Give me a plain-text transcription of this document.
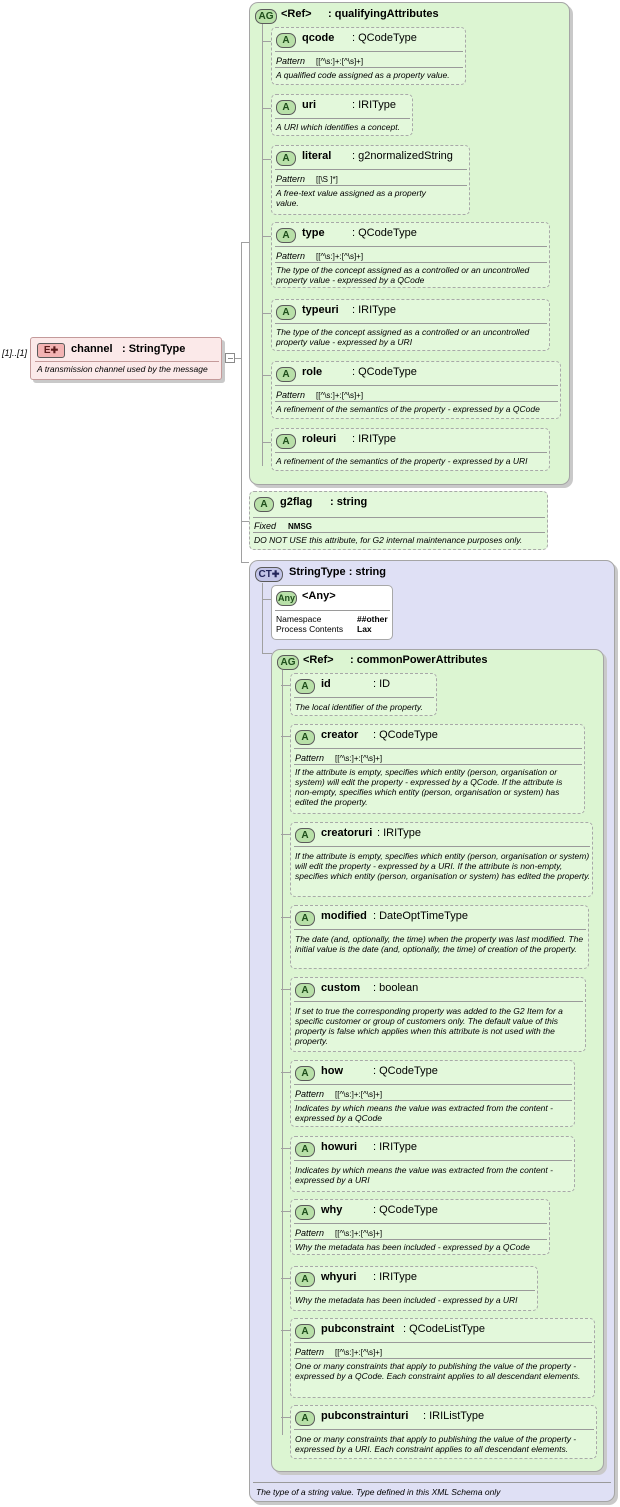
[1]..[1]	E✚	channel : StringType
A transmission channel used by the message
AG <Ref> : qualifyingAttributes
A	qcode : QCodeType
Pattern [[^\s:]+:[^\s]+]
A qualified code assigned as a property value.
A	uri	: IRIType
A URI which identifies a concept.
A	literal : g2normalizedString
Pattern [[\S ]*]
A free-text value assigned as a property value.
A	type : QCodeType
Pattern [[^\s:]+:[^\s]+]
The type of the concept assigned as a controlled or an uncontrolled property value - expressed by a QCode
A	typeuri : IRIType
The type of the concept assigned as a controlled or an uncontrolled property value - expressed by a URI
A	role	: QCodeType
Pattern [[^\s:]+:[^\s]+]
A refinement of the semantics of the property - expressed by a QCode
A	roleuri : IRIType
A refinement of the semantics of the property - expressed by a URI
A	g2flag : string
Fixed NMSG
DO NOT USE this attribute, for G2 internal maintenance purposes only.
CT✚ StringType : string
The type of a string value. Type defined in this XML Schema only
Any <Any>
Namespace	##other
Process Contents Lax
AG <Ref> : commonPowerAttributes
A	id	: ID
The local identifier of the property.
A	creator : QCodeType
Pattern [[^\s:]+:[^\s]+]
If the attribute is empty, specifies which entity (person, organisation or system) will edit the property - expressed by a QCode. If the attribute is non-empty, specifies which entity (person, organisation or system) has edited the property.
A	creatoruri : IRIType
If the attribute is empty, specifies which entity (person, organisation or system) will edit the property - expressed by a URI. If the attribute is non-empty, specifies which entity (person, organisation or system) has edited the property.
A	modified : DateOptTimeType
The date (and, optionally, the time) when the property was last modified. The initial value is the date (and, optionally, the time) of creation of the property.
A	custom : boolean
If set to true the corresponding property was added to the G2 Item for a specific customer or group of customers only. The default value of this property is false which applies when this attribute is not used with the property.
A	how	: QCodeType
Pattern [[^\s:]+:[^\s]+]
Indicates by which means the value was extracted from the content - expressed by a QCode
A	howuri : IRIType
Indicates by which means the value was extracted from the content - expressed by a URI
A	why	: QCodeType
Pattern [[^\s:]+:[^\s]+]
Why the metadata has been included - expressed by a QCode
A	whyuri : IRIType
Why the metadata has been included - expressed by a URI
A	pubconstraint : QCodeListType
Pattern [[^\s:]+:[^\s]+]
One or many constraints that apply to publishing the value of the property - expressed by a QCode. Each constraint applies to all descendant elements.
A	pubconstrainturi : IRIListType
One or many constraints that apply to publishing the value of the property - expressed by a URI. Each constraint applies to all descendant elements.
